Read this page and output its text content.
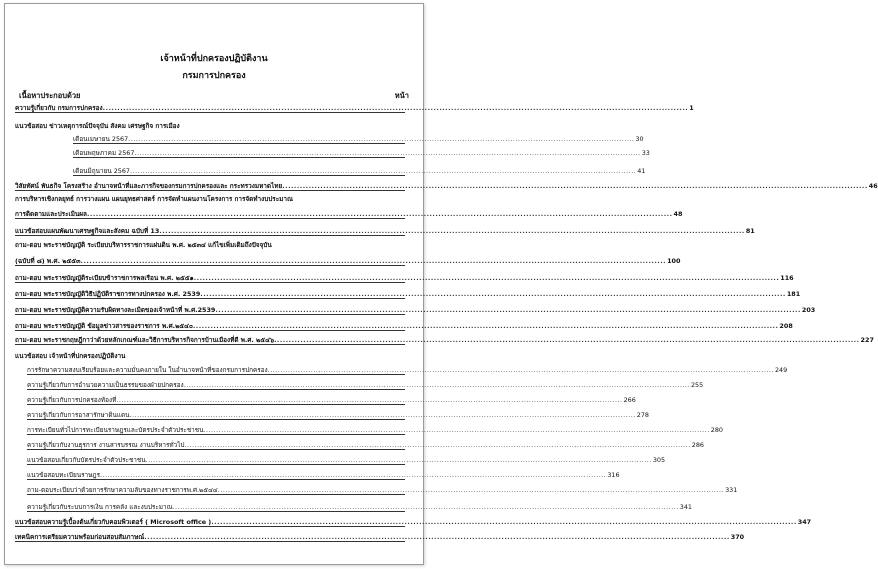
เจ้าหน้าที่ปกครองปฏิบัติงาน
กรมการปกครอง
เนื้อหาประกอบด้วย	หน้า
ความรู้เกี่ยวกับ กรมการปกครอง ........................................................................................................................................................................................................ 1
แนวข้อสอบ ข่าวเหตุการณ์ปัจจุบัน สังคม เศรษฐกิจ การเมือง
เดือนเมษายน 2567 ........................................................................................................................................................................................................ 30
เดือนพฤษภาคม 2567 ........................................................................................................................................................................................................ 33
เดือนมิถุนายน 2567 ........................................................................................................................................................................................................ 41
วิสัยทัศน์ พันธกิจ โครงสร้าง อำนาจหน้าที่และภารกิจของกรมการปกครองและ กระทรวงมหาดไทย ........................................................................................................................................................................................................ 46
การบริหารเชิงกลยุทธ์ การวางแผน แผนยุทธศาสตร์ การจัดทำแผนงานโครงการ การจัดทำงบประมาณ
การติดตามและประเมินผล ........................................................................................................................................................................................................ 48
แนวข้อสอบแผนพัฒนาเศรษฐกิจและสังคม ฉบับที่ 13 ........................................................................................................................................................................................................ 81
ถาม-ตอบ พระราชบัญญัติ ระเบียบบริหารราชการแผ่นดิน พ.ศ. ๒๕๓๔ แก้ไขเพิ่มเติมถึงปัจจุบัน
(ฉบับที่ ๘) พ.ศ. ๒๕๕๓ ........................................................................................................................................................................................................ 100
ถาม-ตอบ พระราชบัญญัติระเบียบข้าราชการพลเรือน พ.ศ. ๒๕๕๑ ........................................................................................................................................................................................................ 116
ถาม-ตอบ พระราชบัญญัติวิธีปฏิบัติราชการทางปกครอง พ.ศ. 2539 ........................................................................................................................................................................................................ 181
ถาม-ตอบ พระราชบัญญัติความรับผิดทางละเมิดของเจ้าหน้าที่ พ.ศ.2539 ........................................................................................................................................................................................................ 203
ถาม-ตอบ พระราชบัญญัติ ข้อมูลข่าวสารของราชการ พ.ศ.๒๕๔๐ ........................................................................................................................................................................................................ 208
ถาม-ตอบ พระราชกฤษฎีกาว่าด้วยหลักเกณฑ์และวิธีการบริหารกิจการบ้านเมืองที่ดี พ.ศ. ๒๕๔๖ ........................................................................................................................................................................................................ 227
แนวข้อสอบ เจ้าหน้าที่ปกครองปฏิบัติงาน
การรักษาความสงบเรียบร้อยและความมั่นคงภายใน ในอำนาจหน้าที่ของกรมการปกครอง ........................................................................................................................................................................................................ 249
ความรู้เกี่ยวกับการอำนวยความเป็นธรรมของฝ่ายปกครอง ........................................................................................................................................................................................................ 255
ความรู้เกี่ยวกับการปกครองท้องที่ ........................................................................................................................................................................................................ 266
ความรู้เกี่ยวกับการอาสารักษาดินแดน ........................................................................................................................................................................................................ 278
การทะเบียนทั่วไปการทะเบียนราษฎรและบัตรประจำตัวประชาชน ........................................................................................................................................................................................................ 280
ความรู้เกี่ยวกับงานธุรการ งานสารบรรณ งานบริหารทั่วไป ........................................................................................................................................................................................................ 286
แนวข้อสอบเกี่ยวกับบัตรประจำตัวประชาชน ........................................................................................................................................................................................................ 305
แนวข้อสอบทะเบียนราษฎร ........................................................................................................................................................................................................ 316
ถาม-ตอบระเบียบว่าด้วยการรักษาความลับของทางราชการพ.ศ.๒๕๔๔ ........................................................................................................................................................................................................ 331
ความรู้เกี่ยวกับระบบการเงิน การคลัง และงบประมาณ ........................................................................................................................................................................................................ 341
แนวข้อสอบความรู้เบื้องต้นเกี่ยวกับคอมพิวเตอร์ ( Microsoft office ) ........................................................................................................................................................................................................ 347
เทคนิคการเตรียมความพร้อมก่อนสอบสัมภาษณ์ ........................................................................................................................................................................................................ 370
